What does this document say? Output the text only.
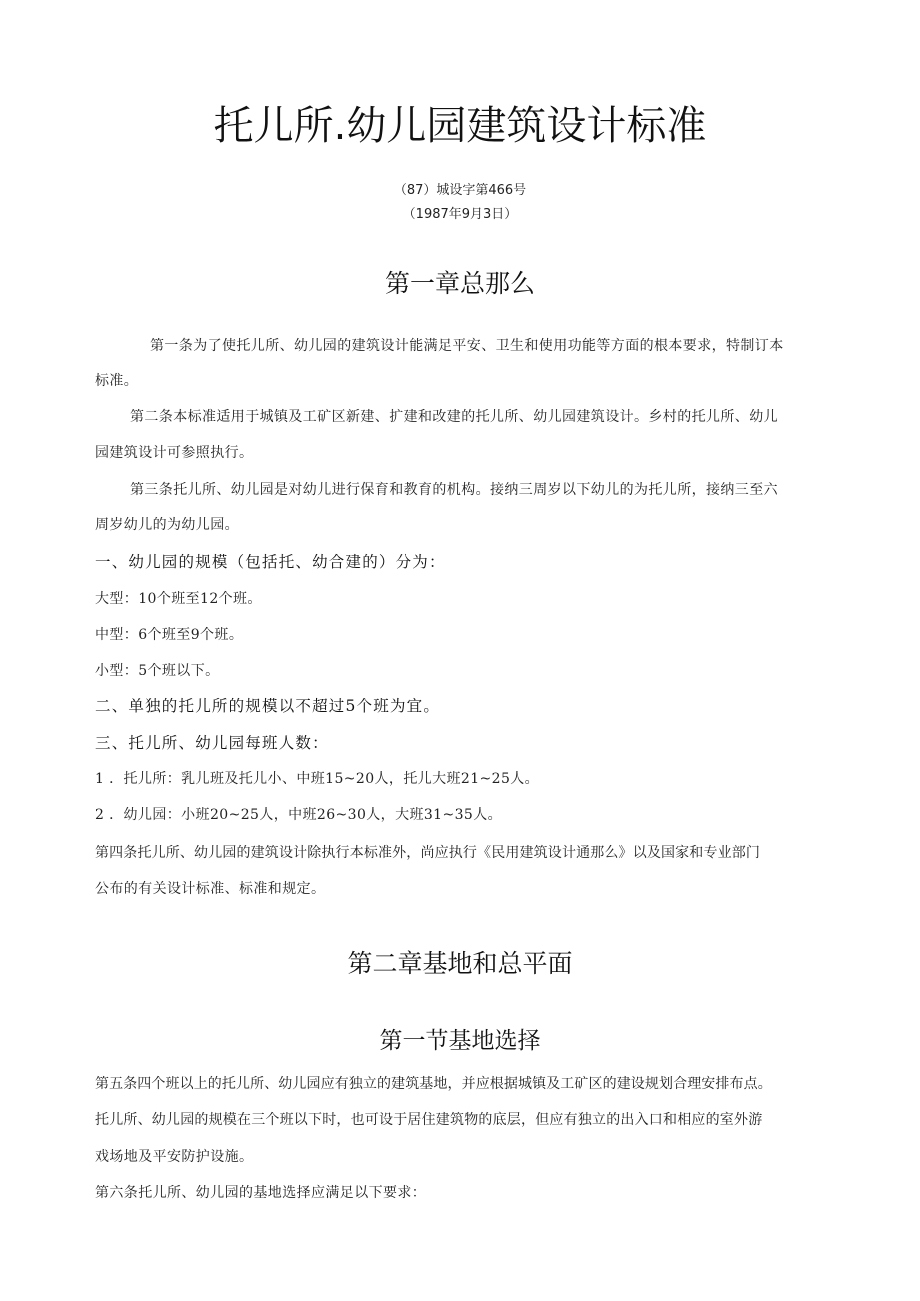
托儿所.幼儿园建筑设计标准
（87）城设字第466号
（1987年9月3日）
第一章总那么
第一条为了使托儿所、幼儿园的建筑设计能满足平安、卫生和使用功能等方面的根本要求，特制订本
标准。
第二条本标准适用于城镇及工矿区新建、扩建和改建的托儿所、幼儿园建筑设计。乡村的托儿所、幼儿
园建筑设计可参照执行。
第三条托儿所、幼儿园是对幼儿进行保育和教育的机构。接纳三周岁以下幼儿的为托儿所，接纳三至六
周岁幼儿的为幼儿园。
一、幼儿园的规模（包括托、幼合建的）分为：
大型：10个班至12个班。
中型：6个班至9个班。
小型：5个班以下。
二、单独的托儿所的规模以不超过5个班为宜。
三、托儿所、幼儿园每班人数：
1 ．托儿所：乳儿班及托儿小、中班15~20人，托儿大班21~25人。
2 ．幼儿园：小班20~25人，中班26~30人，大班31~35人。
第四条托儿所、幼儿园的建筑设计除执行本标准外，尚应执行《民用建筑设计通那么》以及国家和专业部门
公布的有关设计标准、标准和规定。
第二章基地和总平面
第一节基地选择
第五条四个班以上的托儿所、幼儿园应有独立的建筑基地，并应根据城镇及工矿区的建设规划合理安排布点。
托儿所、幼儿园的规模在三个班以下时，也可设于居住建筑物的底层，但应有独立的出入口和相应的室外游
戏场地及平安防护设施。
第六条托儿所、幼儿园的基地选择应满足以下要求：
